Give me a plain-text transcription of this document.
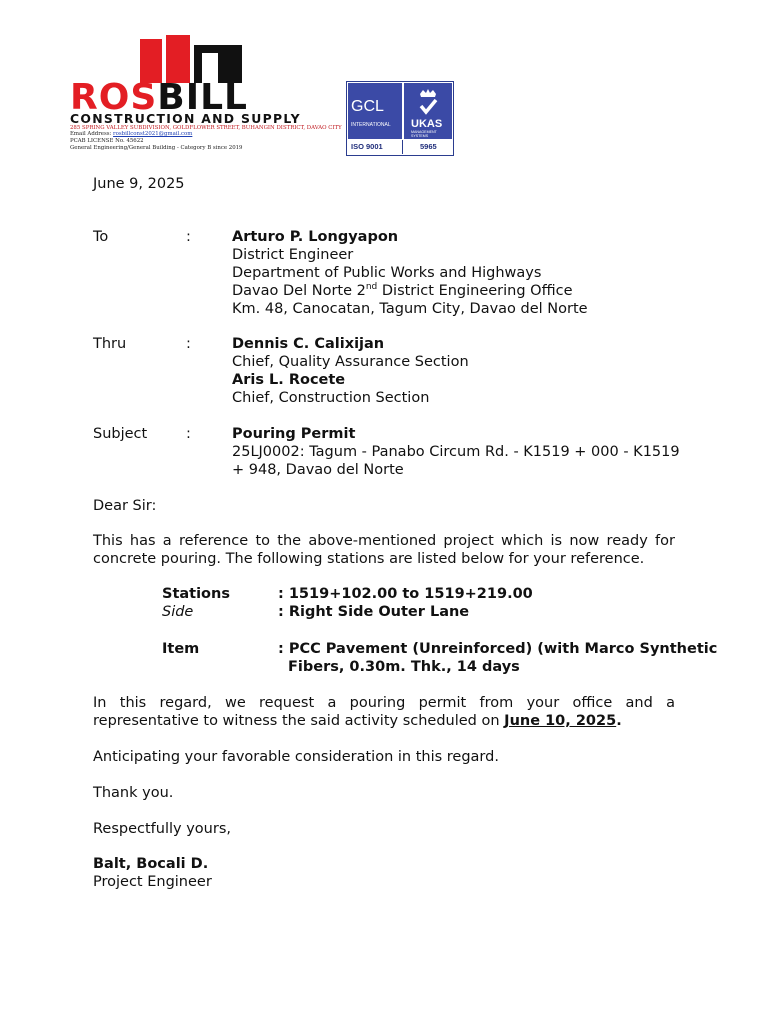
ROSBILL
CONSTRUCTION AND SUPPLY
285 SPRING VALLEY SUBDIVISION, GOLDFLOWER STREET, BUHANGIN DISTRICT, DAVAO CITY
Email Address: rosbillconst2021@gmail.com
PCAB LICENSE No. 45622
General Engineering/General Building - Category B since 2019
GCL
INTERNATIONAL UKAS
MANAGEMENT SYSTEMS
ISO 9001	5965
June 9, 2025
To	:	Arturo P. Longyapon
District Engineer
Department of Public Works and Highways
Davao Del Norte 2nd District Engineering Office
Km. 48, Canocatan, Tagum City, Davao del Norte
Thru	:	Dennis C. Calixijan
Chief, Quality Assurance Section
Aris L. Rocete
Chief, Construction Section
Subject	:	Pouring Permit
25LJ0002: Tagum - Panabo Circum Rd. - K1519 + 000 - K1519
+ 948, Davao del Norte
Dear Sir:
This has a reference to the above-mentioned project which is now ready for
concrete pouring. The following stations are listed below for your reference.
Stations	: 1519+102.00 to 1519+219.00
Side	: Right Side Outer Lane
Item	: PCC Pavement (Unreinforced) (with Marco Synthetic
Fibers, 0.30m. Thk., 14 days
In this regard, we request a pouring permit from your office and a
representative to witness the said activity scheduled on June 10, 2025.
Anticipating your favorable consideration in this regard.
Thank you.
Respectfully yours,
Balt, Bocali D.
Project Engineer
